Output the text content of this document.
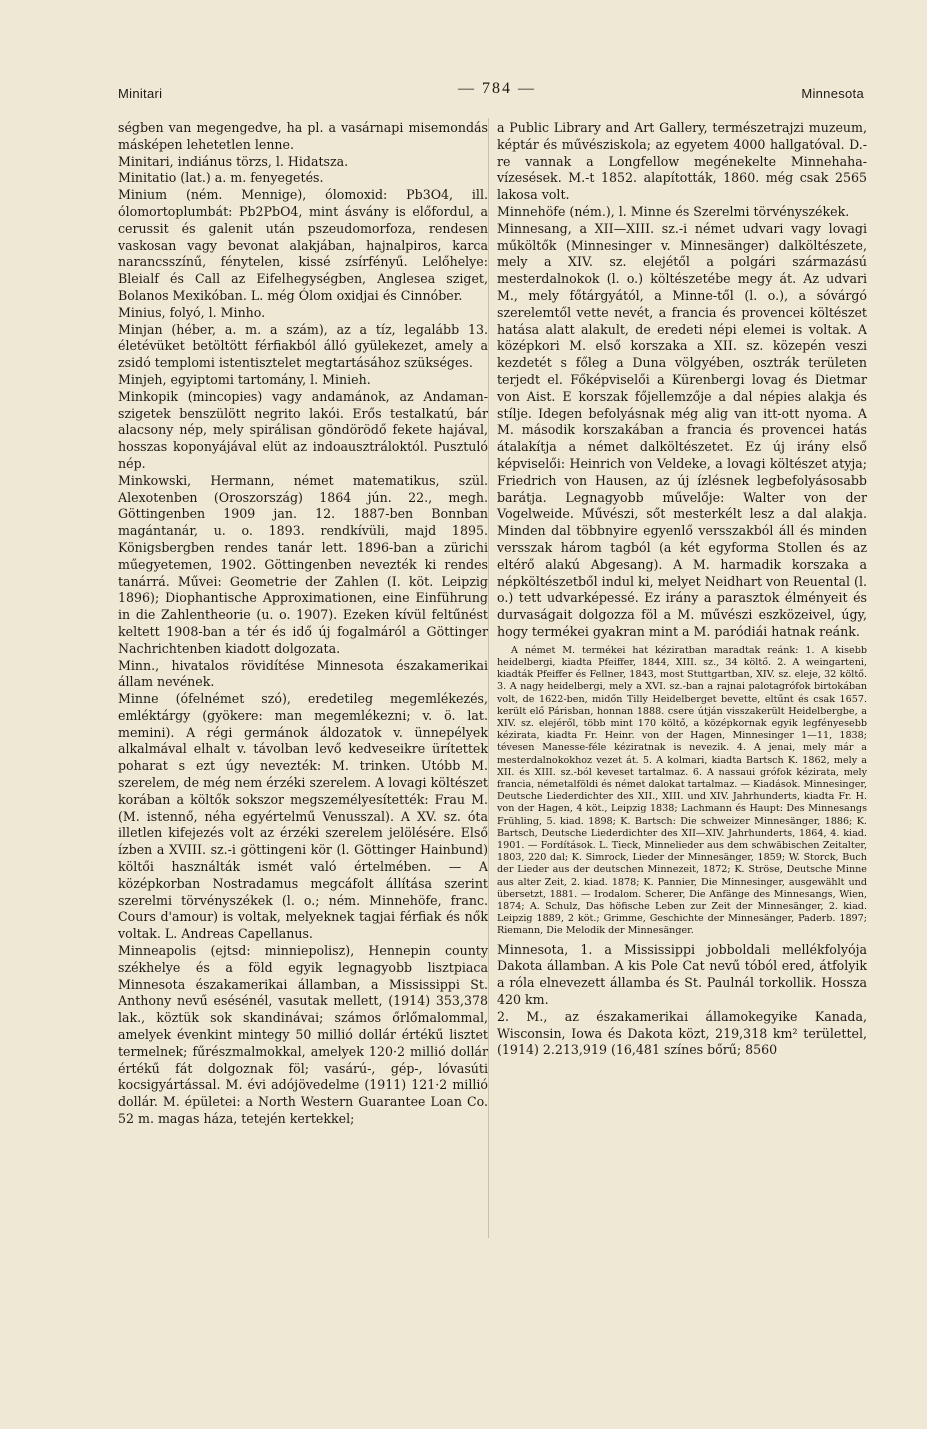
Minitari	— 784 —	Minnesota

ségben van megengedve, ha pl. a vasárnapi misemondás másképen lehetetlen lenne.

Minitari, indiánus törzs, l. Hidatsza.

Minitatio (lat.) a. m. fenyegetés.

Minium (ném. Mennige), ólomoxid: Pb3O4, ill. ólomortoplumbát: Pb2PbO4, mint ásvány is előfordul, a cerussit és galenit után pszeudomorfoza, rendesen vaskosan vagy bevonat alakjában, hajnalpiros, karca narancsszínű, fénytelen, kissé zsírfényű. Lelőhelye: Bleialf és Call az Eifelhegységben, Anglesea sziget, Bolanos Mexikóban. L. még Ólom oxidjai és Cinnóber.

Minius, folyó, l. Minho.

Minjan (héber, a. m. a szám), az a tíz, legalább 13. életévüket betöltött férfiakból álló gyülekezet, amely a zsidó templomi istentisztelet megtartásához szükséges.

Minjeh, egyiptomi tartomány, l. Minieh.

Minkopik (mincopies) vagy andamánok, az Andaman-szigetek benszülött negrito lakói. Erős testalkatú, bár alacsony nép, mely spirálisan göndörödő fekete hajával, hosszas koponyájával elüt az indoausztráloktól. Pusztuló nép.

Minkowski, Hermann, német matematikus, szül. Alexotenben (Oroszország) 1864 jún. 22., megh. Göttingenben 1909 jan. 12. 1887-ben Bonnban magántanár, u. o. 1893. rendkívüli, majd 1895. Königsbergben rendes tanár lett. 1896-ban a zürichi műegyetemen, 1902. Göttingenben nevezték ki rendes tanárrá. Művei: Geometrie der Zahlen (I. köt. Leipzig 1896); Diophantische Approximationen, eine Einführung in die Zahlentheorie (u. o. 1907). Ezeken kívül feltűnést keltett 1908-ban a tér és idő új fogalmáról a Göttinger Nachrichtenben kiadott dolgozata.

Minn., hivatalos rövidítése Minnesota északamerikai állam nevének.

Minne (ófelnémet szó), eredetileg megemlékezés, emléktárgy (gyökere: man megemlékezni; v. ö. lat. memini). A régi germánok áldozatok v. ünnepélyek alkalmával elhalt v. távolban levő kedveseikre ürítettek poharat s ezt úgy nevezték: M. trinken. Utóbb M. szerelem, de még nem érzéki szerelem. A lovagi költészet korában a költők sokszor megszemélyesítették: Frau M. (M. istennő, néha egyértelmű Venusszal). A XV. sz. óta illetlen kifejezés volt az érzéki szerelem jelölésére. Első ízben a XVIII. sz.-i göttingeni kör (l. Göttinger Hainbund) költői használták ismét való értelmében. — A középkorban Nostradamus megcáfolt állítása szerint szerelmi törvényszékek (l. o.; ném. Minnehöfe, franc. Cours d'amour) is voltak, melyeknek tagjai férfiak és nők voltak. L. Andreas Capellanus.

Minneapolis (ejtsd: minniepolisz), Hennepin county székhelye és a föld egyik legnagyobb lisztpiaca Minnesota északamerikai államban, a Mississippi St. Anthony nevű esésénél, vasutak mellett, (1914) 353,378 lak., köztük sok skandinávai; számos őrlőmalommal, amelyek évenkint mintegy 50 millió dollár értékű lisztet termelnek; fűrészmalmokkal, amelyek 120·2 millió dollár értékű fát dolgoznak föl; vasárú-, gép-, lóvasúti kocsigyártással. M. évi adójövedelme (1911) 121·2 millió dollár. M. épületei: a North Western Guarantee Loan Co. 52 m. magas háza, tetején kertekkel;

a Public Library and Art Gallery, természetrajzi muzeum, képtár és művésziskola; az egyetem 4000 hallgatóval. D.-re vannak a Longfellow megénekelte Minnehaha-vízesések. M.-t 1852. alapították, 1860. még csak 2565 lakosa volt.

Minnehöfe (ném.), l. Minne és Szerelmi törvényszékek.

Minnesang, a XII—XIII. sz.-i német udvari vagy lovagi műköltők (Minnesinger v. Minnesänger) dalköltészete, mely a XIV. sz. elejétől a polgári származású mesterdalnokok (l. o.) költészetébe megy át. Az udvari M., mely főtárgyától, a Minne-től (l. o.), a sóvárgó szerelemtől vette nevét, a francia és provencei költészet hatása alatt alakult, de eredeti népi elemei is voltak. A középkori M. első korszaka a XII. sz. közepén veszi kezdetét s főleg a Duna völgyében, osztrák területen terjedt el. Főképviselői a Kürenbergi lovag és Dietmar von Aist. E korszak főjellemzője a dal népies alakja és stílje. Idegen befolyásnak még alig van itt-ott nyoma. A M. második korszakában a francia és provencei hatás átalakítja a német dalköltészetet. Ez új irány első képviselői: Heinrich von Veldeke, a lovagi költészet atyja; Friedrich von Hausen, az új ízlésnek legbefolyásosabb barátja. Legnagyobb művelője: Walter von der Vogelweide. Művészi, sőt mesterkélt lesz a dal alakja. Minden dal többnyire egyenlő versszakból áll és minden versszak három tagból (a két egyforma Stollen és az eltérő alakú Abgesang). A M. harmadik korszaka a népköltészetből indul ki, melyet Neidhart von Reuental (l. o.) tett udvarképessé. Ez irány a parasztok élményeit és durvaságait dolgozza föl a M. művészi eszközeivel, úgy, hogy termékei gyakran mint a M. paródiái hatnak reánk.

A német M. termékei hat kéziratban maradtak reánk: 1. A kisebb heidelbergi, kiadta Pfeiffer, 1844, XIII. sz., 34 költő. 2. A weingarteni, kiadták Pfeiffer és Fellner, 1843, most Stuttgartban, XIV. sz. eleje, 32 költő. 3. A nagy heidelbergi, mely a XVI. sz.-ban a rajnai palotagrófok birtokában volt, de 1622-ben, midőn Tilly Heidelberget bevette, eltűnt és csak 1657. került elő Párisban, honnan 1888. csere útján visszakerült Heidelbergbe, a XIV. sz. elejéről, több mint 170 költő, a középkornak egyik legfényesebb kézirata, kiadta Fr. Heinr. von der Hagen, Minnesinger 1—11, 1838; tévesen Manesse-féle kéziratnak is nevezik. 4. A jenai, mely már a mesterdalnokokhoz vezet át. 5. A kolmari, kiadta Bartsch K. 1862, mely a XII. és XIII. sz.-ból keveset tartalmaz. 6. A nassaui grófok kézirata, mely francia, németalföldi és német dalokat tartalmaz. — Kiadások. Minnesinger, Deutsche Liederdichter des XII., XIII. und XIV. Jahrhunderts, kiadta Fr. H. von der Hagen, 4 köt., Leipzig 1838; Lachmann és Haupt: Des Minnesangs Frühling, 5. kiad. 1898; K. Bartsch: Die schweizer Minnesänger, 1886; K. Bartsch, Deutsche Liederdichter des XII—XIV. Jahrhunderts, 1864, 4. kiad. 1901. — Fordítások. L. Tieck, Minnelieder aus dem schwäbischen Zeitalter, 1803, 220 dal; K. Simrock, Lieder der Minnesänger, 1859; W. Storck, Buch der Lieder aus der deutschen Minnezeit, 1872; K. Ströse, Deutsche Minne aus alter Zeit, 2. kiad. 1878; K. Pannier, Die Minnesinger, ausgewählt und übersetzt, 1881. — Irodalom. Scherer, Die Anfänge des Minnesangs, Wien, 1874; A. Schulz, Das höfische Leben zur Zeit der Minnesänger, 2. kiad. Leipzig 1889, 2 köt.; Grimme, Geschichte der Minnesänger, Paderb. 1897; Riemann, Die Melodik der Minnesänger.

Minnesota, 1. a Mississippi jobboldali mellékfolyója Dakota államban. A kis Pole Cat nevű tóból ered, átfolyik a róla elnevezett államba és St. Paulnál torkollik. Hossza 420 km.

2. M., az északamerikai államokegyike Kanada, Wisconsin, Iowa és Dakota közt, 219,318 km² területtel, (1914) 2.213,919 (16,481 színes bőrű; 8560
